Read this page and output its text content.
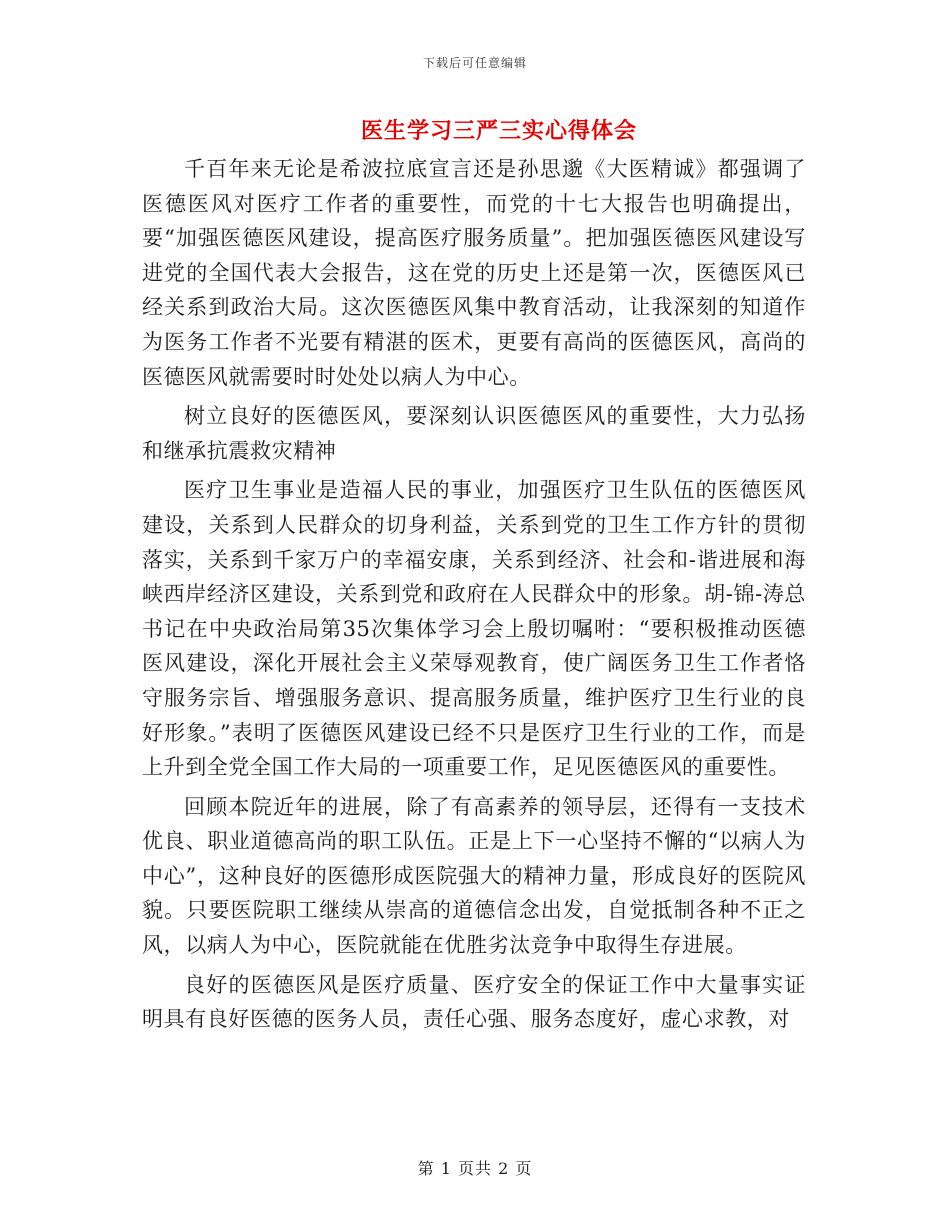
下载后可任意编辑
医生学习三严三实心得体会

千百年来无论是希波拉底宣言还是孙思邈《大医精诚》都强调了医德医风对医疗工作者的重要性，而党的十七大报告也明确提出，要“加强医德医风建设，提高医疗服务质量”。把加强医德医风建设写进党的全国代表大会报告，这在党的历史上还是第一次，医德医风已经关系到政治大局。这次医德医风集中教育活动，让我深刻的知道作为医务工作者不光要有精湛的医术，更要有高尚的医德医风，高尚的医德医风就需要时时处处以病人为中心。

树立良好的医德医风，要深刻认识医德医风的重要性，大力弘扬和继承抗震救灾精神

医疗卫生事业是造福人民的事业，加强医疗卫生队伍的医德医风建设，关系到人民群众的切身利益，关系到党的卫生工作方针的贯彻落实，关系到千家万户的幸福安康，关系到经济、社会和-谐进展和海峡西岸经济区建设，关系到党和政府在人民群众中的形象。胡-锦-涛总书记在中央政治局第35次集体学习会上殷切嘱咐：“要积极推动医德医风建设，深化开展社会主义荣辱观教育，使广阔医务卫生工作者恪守服务宗旨、增强服务意识、提高服务质量，维护医疗卫生行业的良好形象。”表明了医德医风建设已经不只是医疗卫生行业的工作，而是上升到全党全国工作大局的一项重要工作，足见医德医风的重要性。

回顾本院近年的进展，除了有高素养的领导层，还得有一支技术优良、职业道德高尚的职工队伍。正是上下一心坚持不懈的“以病人为中心”，这种良好的医德形成医院强大的精神力量，形成良好的医院风貌。只要医院职工继续从崇高的道德信念出发，自觉抵制各种不正之风，以病人为中心，医院就能在优胜劣汰竞争中取得生存进展。

良好的医德医风是医疗质量、医疗安全的保证工作中大量事实证明具有良好医德的医务人员，责任心强、服务态度好，虚心求教，对

第 1 页共 2 页
